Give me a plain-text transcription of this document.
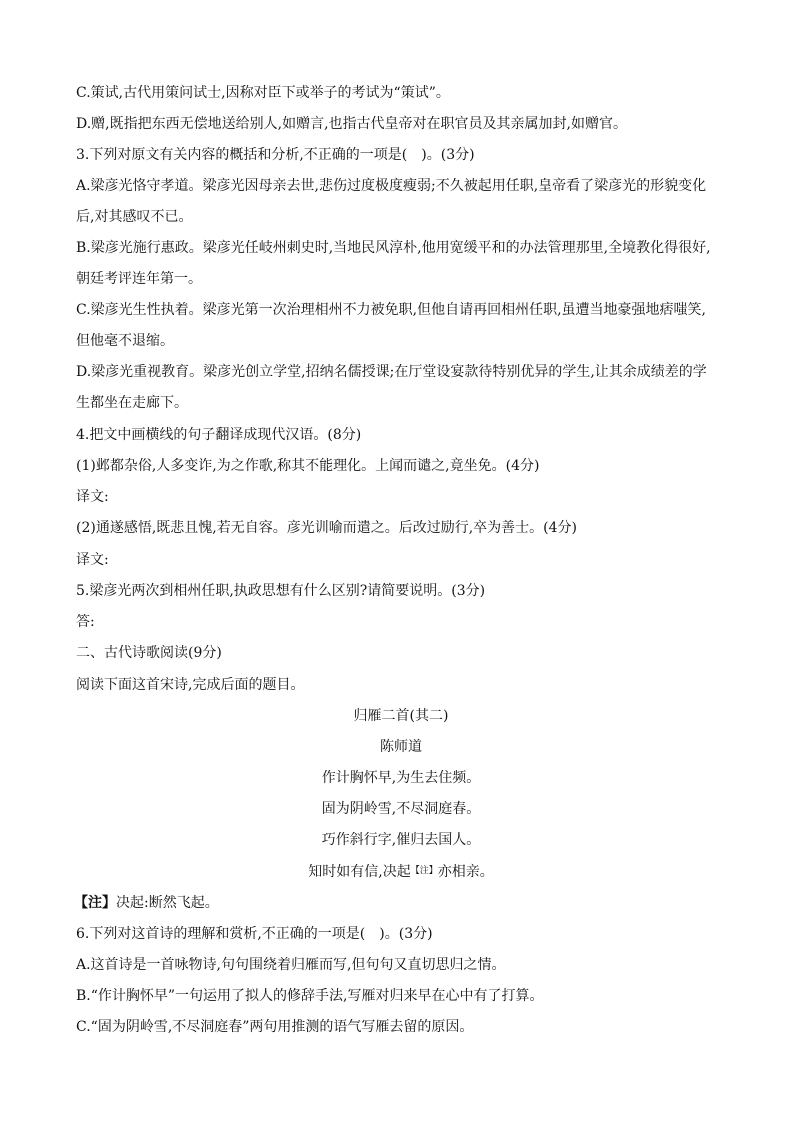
C.策试,古代用策问试士,因称对臣下或举子的考试为“策试”。
D.赠,既指把东西无偿地送给别人,如赠言,也指古代皇帝对在职官员及其亲属加封,如赠官。
3.下列对原文有关内容的概括和分析,不正确的一项是(　)。(3分)
A.梁彦光恪守孝道。梁彦光因母亲去世,悲伤过度极度瘦弱;不久被起用任职,皇帝看了梁彦光的形貌变化
后,对其感叹不已。
B.梁彦光施行惠政。梁彦光任岐州刺史时,当地民风淳朴,他用宽缓平和的办法管理那里,全境教化得很好,
朝廷考评连年第一。
C.梁彦光生性执着。梁彦光第一次治理相州不力被免职,但他自请再回相州任职,虽遭当地豪强地痞嗤笑,
但他毫不退缩。
D.梁彦光重视教育。梁彦光创立学堂,招纳名儒授课;在厅堂设宴款待特别优异的学生,让其余成绩差的学
生都坐在走廊下。
4.把文中画横线的句子翻译成现代汉语。(8分)
(1)邺都杂俗,人多变诈,为之作歌,称其不能理化。上闻而谴之,竟坐免。(4分)
译文:
(2)通遂感悟,既悲且愧,若无自容。彦光训喻而遣之。后改过励行,卒为善士。(4分)
译文:
5.梁彦光两次到相州任职,执政思想有什么区别?请简要说明。(3分)
答:
二、古代诗歌阅读(9分)
阅读下面这首宋诗,完成后面的题目。
归雁二首(其二)
陈师道
作计胸怀早,为生去住频。
固为阴岭雪,不尽洞庭春。
巧作斜行字,催归去国人。
知时如有信,决起$^{【注】}$亦相亲。
【注】决起:断然飞起。
6.下列对这首诗的理解和赏析,不正确的一项是(　)。(3分)
A.这首诗是一首咏物诗,句句围绕着归雁而写,但句句又直切思归之情。
B.“作计胸怀早”一句运用了拟人的修辞手法,写雁对归来早在心中有了打算。
C.“固为阴岭雪,不尽洞庭春”两句用推测的语气写雁去留的原因。
